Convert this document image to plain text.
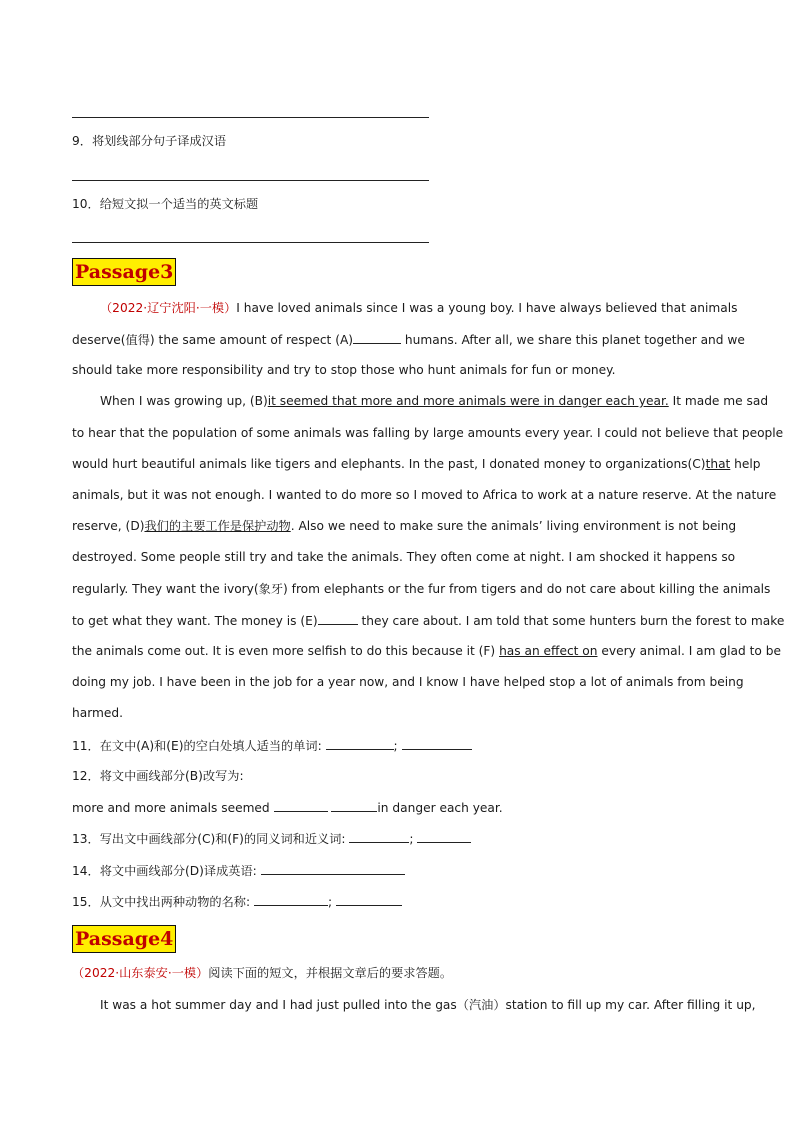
9．将划线部分句子译成汉语
10．给短文拟一个适当的英文标题
Passage3
（2022·辽宁沈阳·一模）I have loved animals since I was a young boy. I have always believed that animals
deserve(值得) the same amount of respect (A)	humans. After all, we share this planet together and we
should take more responsibility and try to stop those who hunt animals for fun or money.
When I was growing up, (B)it seemed that more and more animals were in danger each year. It made me sad
to hear that the population of some animals was falling by large amounts every year. I could not believe that people
would hurt beautiful animals like tigers and elephants. In the past, I donated money to organizations(C)that help
animals, but it was not enough. I wanted to do more so I moved to Africa to work at a nature reserve. At the nature
reserve, (D)我们的主要工作是保护动物. Also we need to make sure the animals’ living environment is not being
destroyed. Some people still try and take the animals. They often come at night. I am shocked it happens so
regularly. They want the ivory(象牙) from elephants or the fur from tigers and do not care about killing the animals
to get what they want. The money is (E)	they care about. I am told that some hunters burn the forest to make
the animals come out. It is even more selfish to do this because it (F) has an effect on every animal. I am glad to be
doing my job. I have been in the job for a year now, and I know I have helped stop a lot of animals from being
harmed.
11．在文中(A)和(E)的空白处填人适当的单词:	;
12．将文中画线部分(B)改写为:
more and more animals seemed	in danger each year.
13．写出文中画线部分(C)和(F)的同义词和近义词:	;
14．将文中画线部分(D)译成英语:
15．从文中找出两种动物的名称:	;
Passage4
（2022·山东泰安·一模）阅读下面的短文，并根据文章后的要求答题。
It was a hot summer day and I had just pulled into the gas（汽油）station to fill up my car. After filling it up,
